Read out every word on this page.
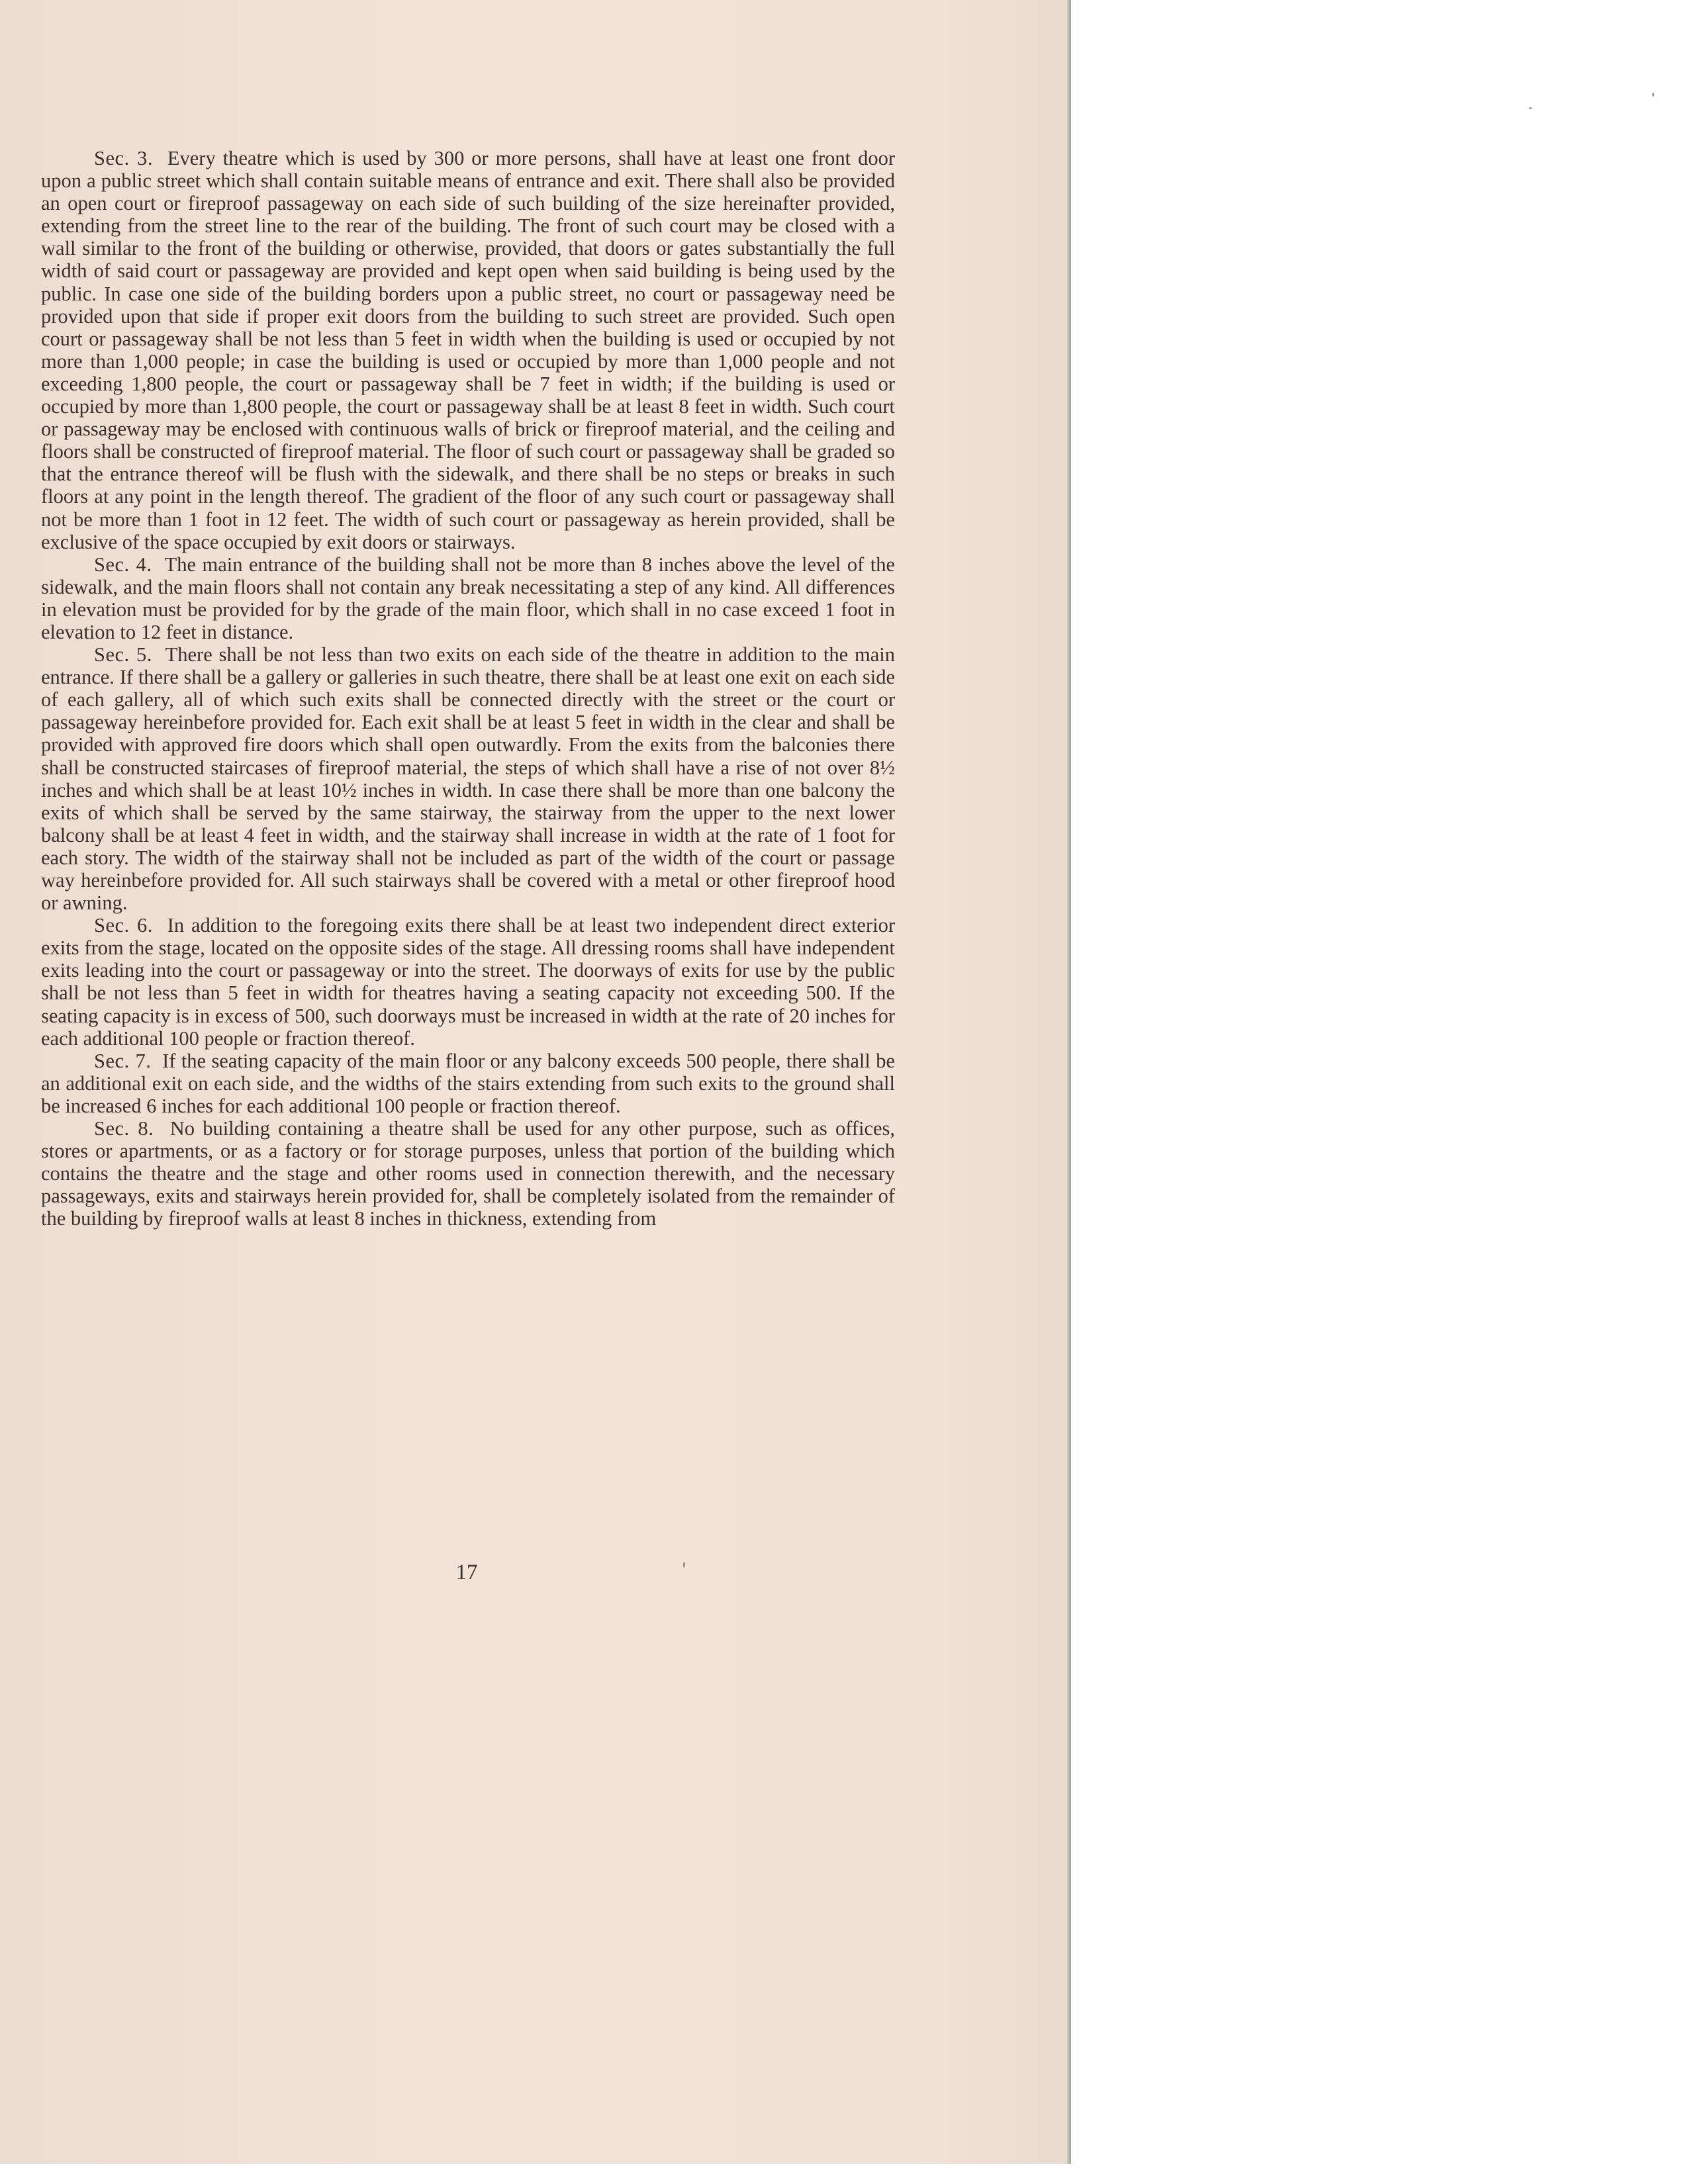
Sec. 3. Every theatre which is used by 300 or more persons, shall have at least one front door upon a public street which shall contain suitable means of entrance and exit. There shall also be provided an open court or fireproof passageway on each side of such building of the size hereinafter provided, extending from the street line to the rear of the building. The front of such court may be closed with a wall similar to the front of the building or otherwise, provided, that doors or gates substantially the full width of said court or passageway are provided and kept open when said building is being used by the public. In case one side of the building borders upon a public street, no court or passageway need be provided upon that side if proper exit doors from the building to such street are provided. Such open court or passageway shall be not less than 5 feet in width when the building is used or occupied by not more than 1,000 people; in case the building is used or occupied by more than 1,000 people and not exceeding 1,800 people, the court or passageway shall be 7 feet in width; if the building is used or occupied by more than 1,800 people, the court or passageway shall be at least 8 feet in width. Such court or passageway may be enclosed with continuous walls of brick or fireproof material, and the ceiling and floors shall be constructed of fireproof material. The floor of such court or passageway shall be graded so that the entrance thereof will be flush with the sidewalk, and there shall be no steps or breaks in such floors at any point in the length thereof. The gradient of the floor of any such court or passageway shall not be more than 1 foot in 12 feet. The width of such court or passageway as herein provided, shall be exclusive of the space occupied by exit doors or stairways.

Sec. 4. The main entrance of the building shall not be more than 8 inches above the level of the sidewalk, and the main floors shall not contain any break necessitating a step of any kind. All differences in elevation must be provided for by the grade of the main floor, which shall in no case exceed 1 foot in elevation to 12 feet in distance.

Sec. 5. There shall be not less than two exits on each side of the theatre in addition to the main entrance. If there shall be a gallery or galleries in such theatre, there shall be at least one exit on each side of each gallery, all of which such exits shall be connected directly with the street or the court or passageway hereinbefore provided for. Each exit shall be at least 5 feet in width in the clear and shall be provided with approved fire doors which shall open outwardly. From the exits from the balconies there shall be constructed staircases of fireproof material, the steps of which shall have a rise of not over 8½ inches and which shall be at least 10½ inches in width. In case there shall be more than one balcony the exits of which shall be served by the same stairway, the stairway from the upper to the next lower balcony shall be at least 4 feet in width, and the stairway shall increase in width at the rate of 1 foot for each story. The width of the stairway shall not be included as part of the width of the court or passage way hereinbefore provided for. All such stairways shall be covered with a metal or other fireproof hood or awning.

Sec. 6. In addition to the foregoing exits there shall be at least two independent direct exterior exits from the stage, located on the opposite sides of the stage. All dressing rooms shall have independent exits leading into the court or passageway or into the street. The doorways of exits for use by the public shall be not less than 5 feet in width for theatres having a seating capacity not exceeding 500. If the seating capacity is in excess of 500, such doorways must be increased in width at the rate of 20 inches for each additional 100 people or fraction thereof.

Sec. 7. If the seating capacity of the main floor or any balcony exceeds 500 people, there shall be an additional exit on each side, and the widths of the stairs extending from such exits to the ground shall be increased 6 inches for each additional 100 people or fraction thereof.

Sec. 8. No building containing a theatre shall be used for any other purpose, such as offices, stores or apartments, or as a factory or for storage purposes, unless that portion of the building which contains the theatre and the stage and other rooms used in connection therewith, and the necessary passageways, exits and stairways herein provided for, shall be completely isolated from the remainder of the building by fireproof walls at least 8 inches in thickness, extending from

17
